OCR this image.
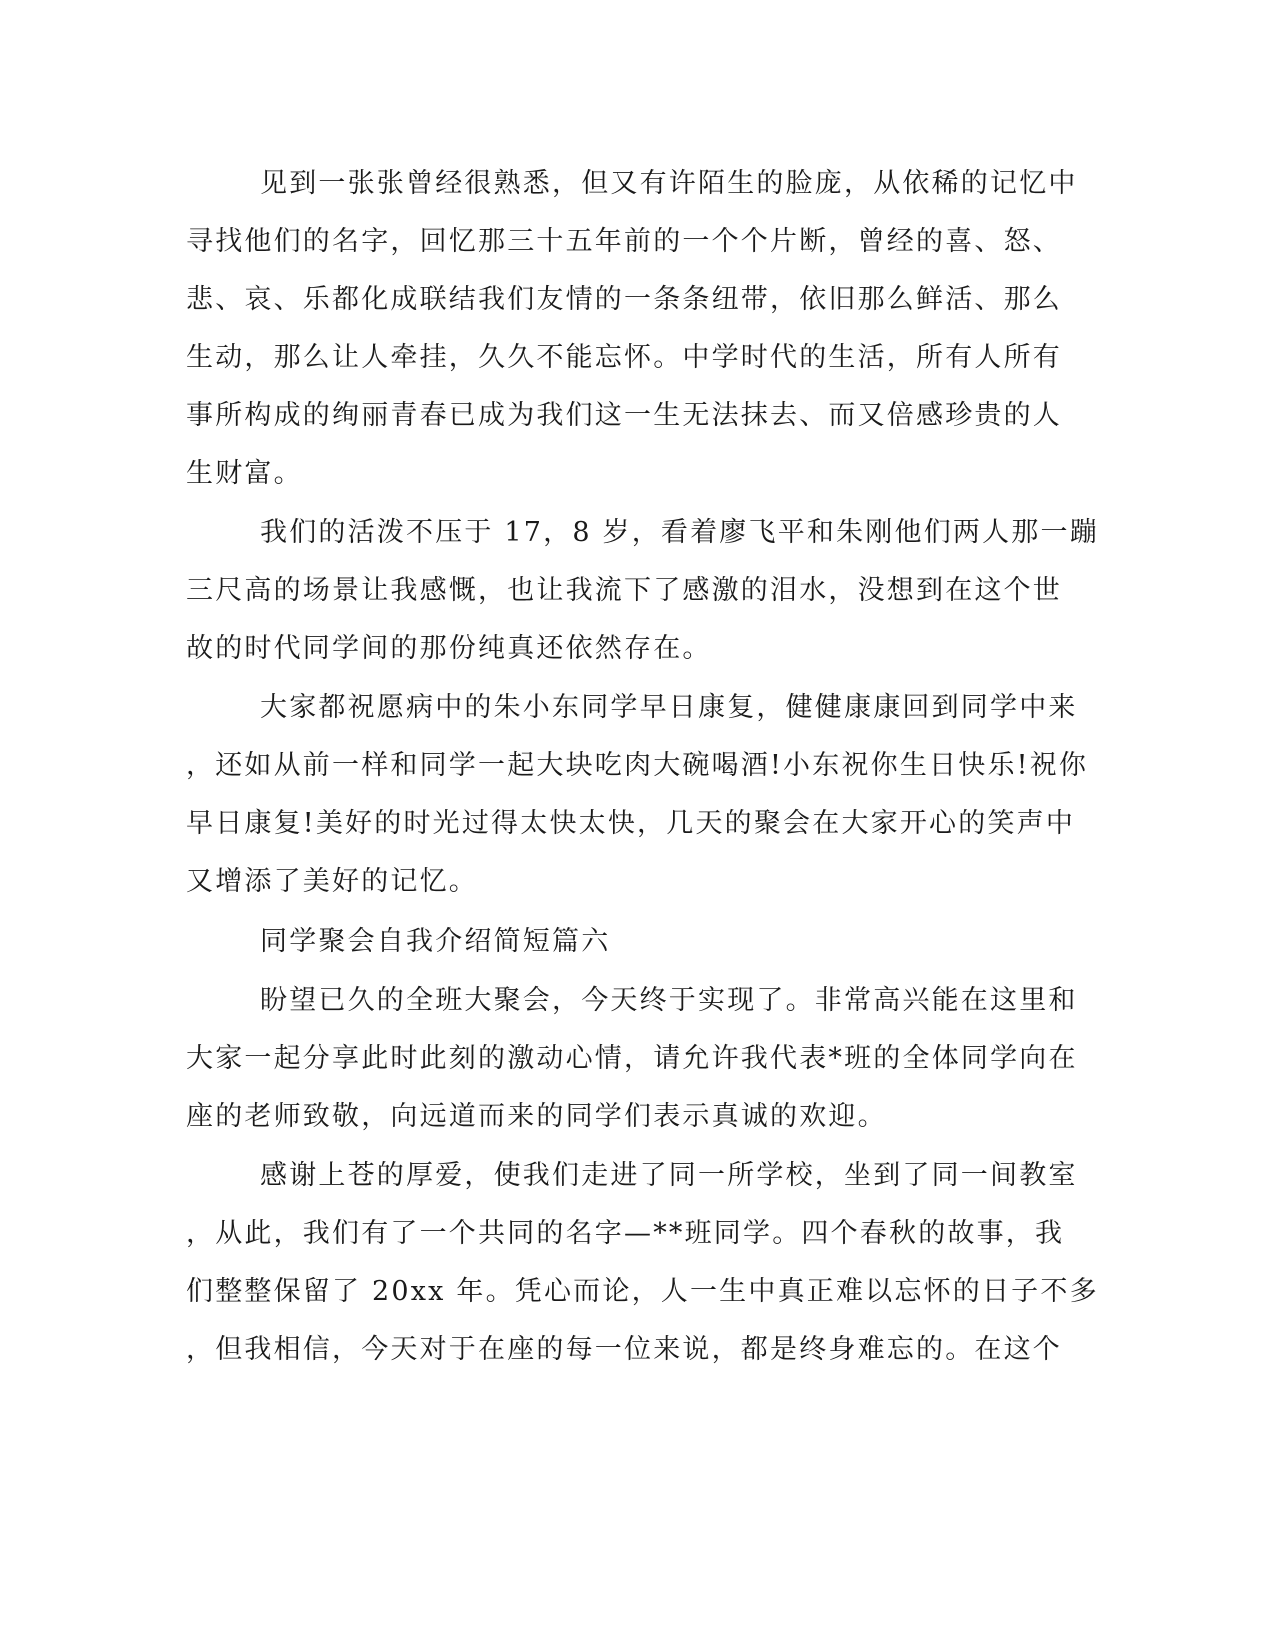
见到一张张曾经很熟悉，但又有许陌生的脸庞，从依稀的记忆中
寻找他们的名字，回忆那三十五年前的一个个片断，曾经的喜、怒、
悲、哀、乐都化成联结我们友情的一条条纽带，依旧那么鲜活、那么
生动，那么让人牵挂，久久不能忘怀。中学时代的生活，所有人所有
事所构成的绚丽青春已成为我们这一生无法抹去、而又倍感珍贵的人
生财富。
我们的活泼不压于 17，8 岁，看着廖飞平和朱刚他们两人那一蹦
三尺高的场景让我感慨，也让我流下了感激的泪水，没想到在这个世
故的时代同学间的那份纯真还依然存在。
大家都祝愿病中的朱小东同学早日康复，健健康康回到同学中来
，还如从前一样和同学一起大块吃肉大碗喝酒!小东祝你生日快乐!祝你
早日康复!美好的时光过得太快太快，几天的聚会在大家开心的笑声中
又增添了美好的记忆。
同学聚会自我介绍简短篇六
盼望已久的全班大聚会，今天终于实现了。非常高兴能在这里和
大家一起分享此时此刻的激动心情，请允许我代表*班的全体同学向在
座的老师致敬，向远道而来的同学们表示真诚的欢迎。
感谢上苍的厚爱，使我们走进了同一所学校，坐到了同一间教室
，从此，我们有了一个共同的名字—**班同学。四个春秋的故事，我
们整整保留了 20xx 年。凭心而论，人一生中真正难以忘怀的日子不多
，但我相信，今天对于在座的每一位来说，都是终身难忘的。在这个
